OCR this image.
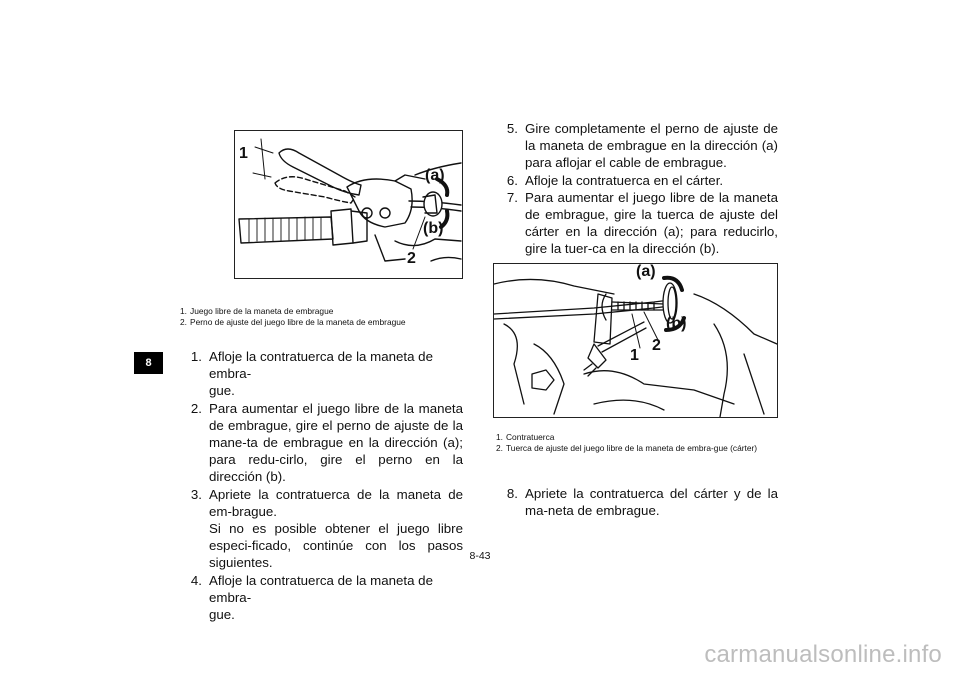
8
1
(a)
(b)
2
1. Juego libre de la maneta de embrague
2. Perno de ajuste del juego libre de la maneta de embrague
1. Afloje la contratuerca de la maneta de embra-
gue.
2. Para aumentar el juego libre de la maneta de embrague, gire el perno de ajuste de la mane-ta de embrague en la dirección (a); para redu-cirlo, gire el perno en la dirección (b).
3. Apriete la contratuerca de la maneta de em-brague.
Si no es posible obtener el juego libre especi-ficado, continúe con los pasos siguientes.
4. Afloje la contratuerca de la maneta de embra-
gue.
5. Gire completamente el perno de ajuste de la maneta de embrague en la dirección (a) para aflojar el cable de embrague.
6. Afloje la contratuerca en el cárter.
7. Para aumentar el juego libre de la maneta de embrague, gire la tuerca de ajuste del cárter en la dirección (a); para reducirlo, gire la tuer-ca en la dirección (b).
(a)
(b)
1
2
1. Contratuerca
2. Tuerca de ajuste del juego libre de la maneta de embra-gue (cárter)
8. Apriete la contratuerca del cárter y de la ma-neta de embrague.
8-43
carmanualsonline.info
